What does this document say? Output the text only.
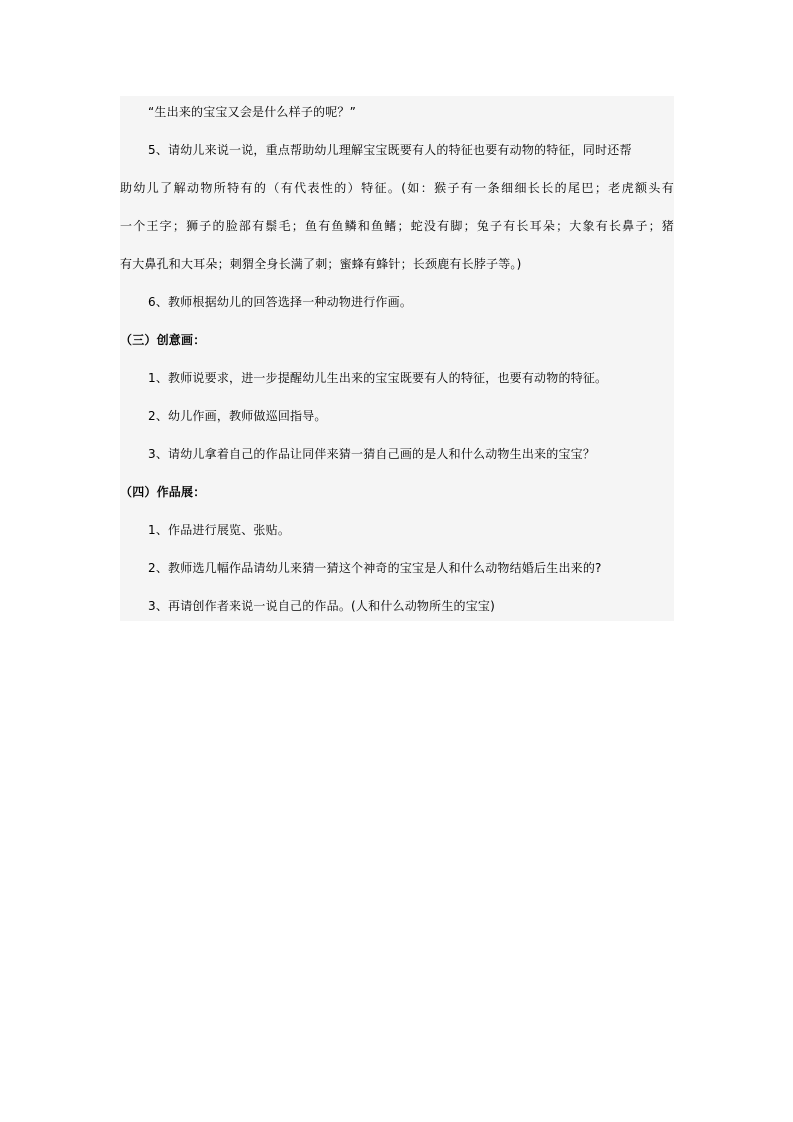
“生出来的宝宝又会是什么样子的呢？”
5、请幼儿来说一说，重点帮助幼儿理解宝宝既要有人的特征也要有动物的特征，同时还帮
助幼儿了解动物所特有的（有代表性的）特征。(如：猴子有一条细细长长的尾巴；老虎额头有
一个王字；狮子的脸部有鬃毛；鱼有鱼鳞和鱼鳍；蛇没有脚；兔子有长耳朵；大象有长鼻子；猪
有大鼻孔和大耳朵；刺猬全身长满了刺；蜜蜂有蜂针；长颈鹿有长脖子等。)
6、教师根据幼儿的回答选择一种动物进行作画。
（三）创意画：
1、教师说要求，进一步提醒幼儿生出来的宝宝既要有人的特征，也要有动物的特征。
2、幼儿作画，教师做巡回指导。
3、请幼儿拿着自己的作品让同伴来猜一猜自己画的是人和什么动物生出来的宝宝？
（四）作品展：
1、作品进行展览、张贴。
2、教师选几幅作品请幼儿来猜一猜这个神奇的宝宝是人和什么动物结婚后生出来的?
3、再请创作者来说一说自己的作品。(人和什么动物所生的宝宝)
